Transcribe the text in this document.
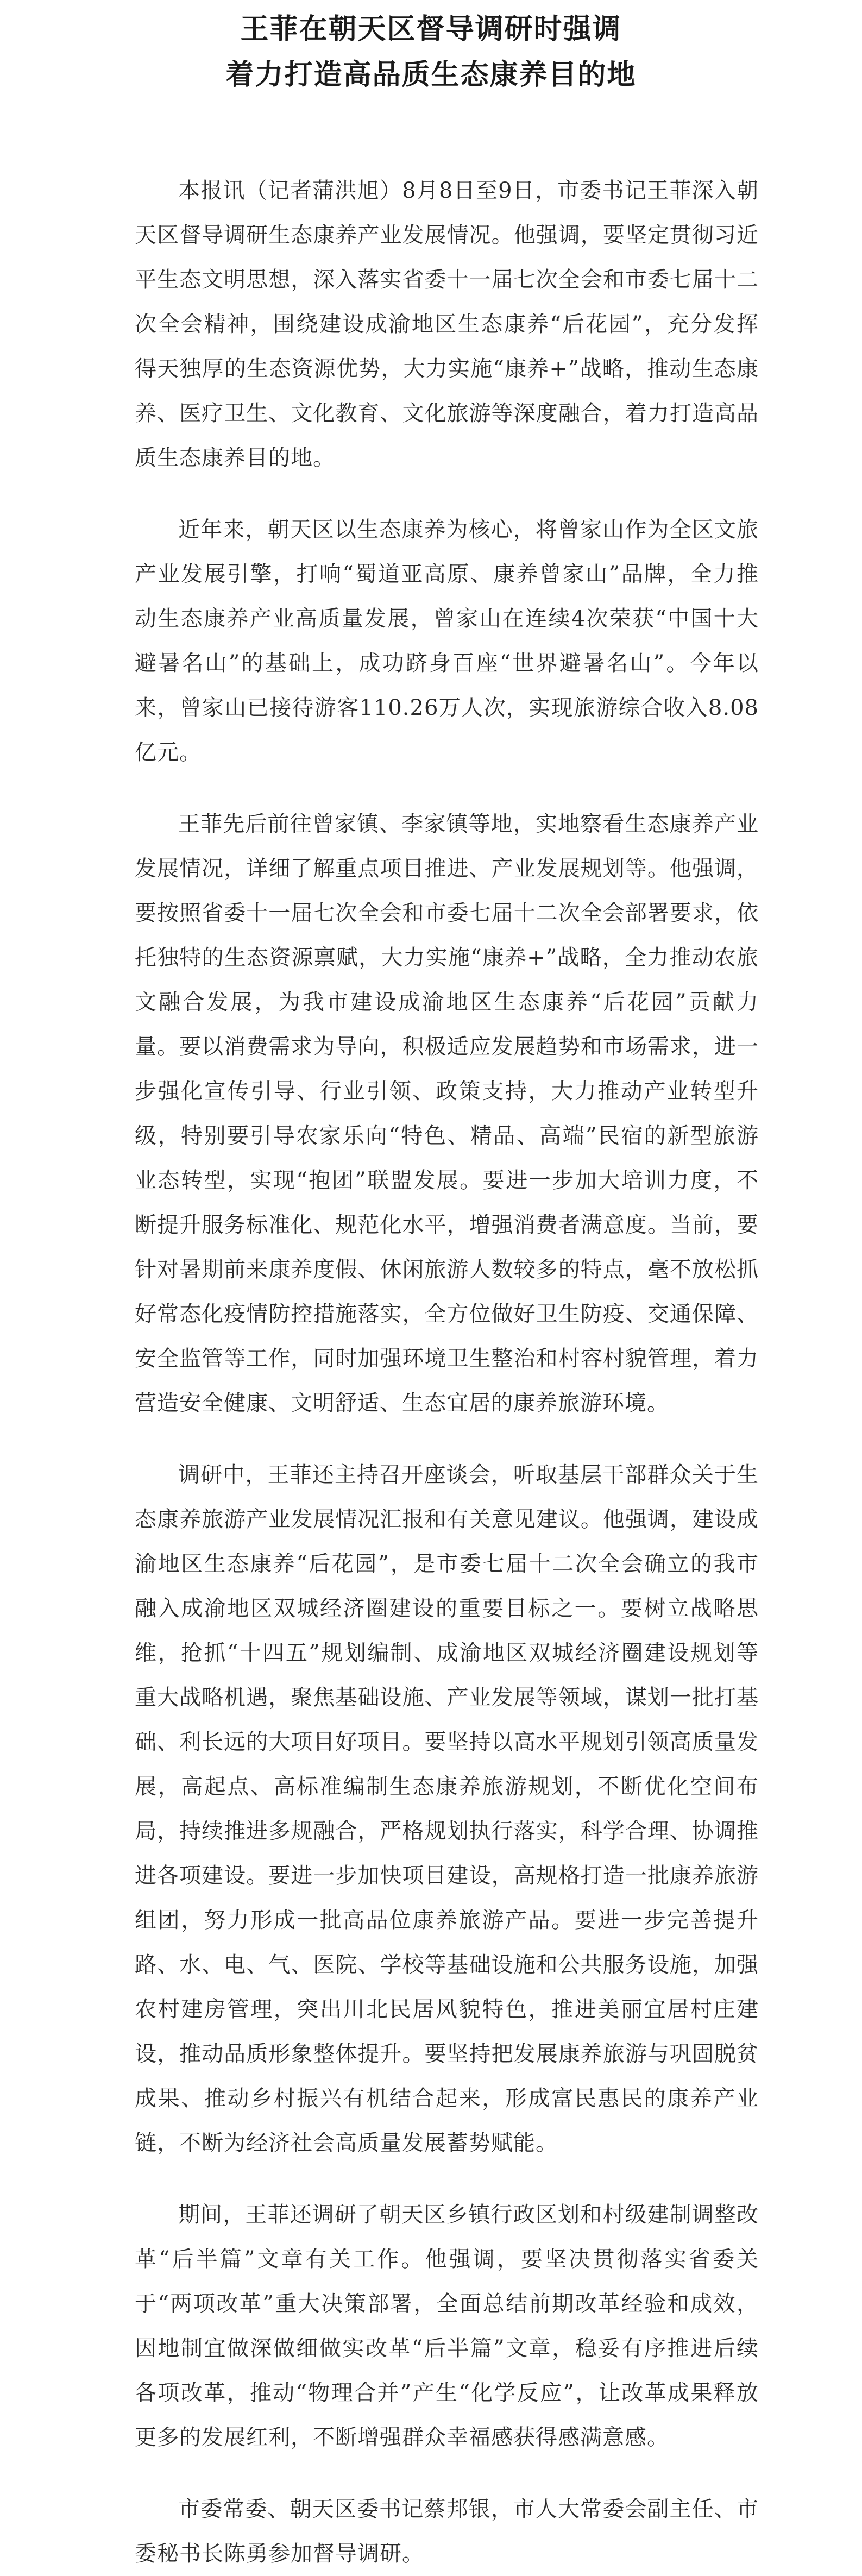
王菲在朝天区督导调研时强调
着力打造高品质生态康养目的地

本报讯（记者蒲洪旭）8月8日至9日，市委书记王菲深入朝天区督导调研生态康养产业发展情况。他强调，要坚定贯彻习近平生态文明思想，深入落实省委十一届七次全会和市委七届十二次全会精神，围绕建设成渝地区生态康养“后花园”，充分发挥得天独厚的生态资源优势，大力实施“康养+”战略，推动生态康养、医疗卫生、文化教育、文化旅游等深度融合，着力打造高品质生态康养目的地。

近年来，朝天区以生态康养为核心，将曾家山作为全区文旅产业发展引擎，打响“蜀道亚高原、康养曾家山”品牌，全力推动生态康养产业高质量发展，曾家山在连续4次荣获“中国十大避暑名山”的基础上，成功跻身百座“世界避暑名山”。今年以来，曾家山已接待游客110.26万人次，实现旅游综合收入8.08亿元。

王菲先后前往曾家镇、李家镇等地，实地察看生态康养产业发展情况，详细了解重点项目推进、产业发展规划等。他强调，要按照省委十一届七次全会和市委七届十二次全会部署要求，依托独特的生态资源禀赋，大力实施“康养+”战略，全力推动农旅文融合发展，为我市建设成渝地区生态康养“后花园”贡献力量。要以消费需求为导向，积极适应发展趋势和市场需求，进一步强化宣传引导、行业引领、政策支持，大力推动产业转型升级，特别要引导农家乐向“特色、精品、高端”民宿的新型旅游业态转型，实现“抱团”联盟发展。要进一步加大培训力度，不断提升服务标准化、规范化水平，增强消费者满意度。当前，要针对暑期前来康养度假、休闲旅游人数较多的特点，毫不放松抓好常态化疫情防控措施落实，全方位做好卫生防疫、交通保障、安全监管等工作，同时加强环境卫生整治和村容村貌管理，着力营造安全健康、文明舒适、生态宜居的康养旅游环境。

调研中，王菲还主持召开座谈会，听取基层干部群众关于生态康养旅游产业发展情况汇报和有关意见建议。他强调，建设成渝地区生态康养“后花园”，是市委七届十二次全会确立的我市融入成渝地区双城经济圈建设的重要目标之一。要树立战略思维，抢抓“十四五”规划编制、成渝地区双城经济圈建设规划等重大战略机遇，聚焦基础设施、产业发展等领域，谋划一批打基础、利长远的大项目好项目。要坚持以高水平规划引领高质量发展，高起点、高标准编制生态康养旅游规划，不断优化空间布局，持续推进多规融合，严格规划执行落实，科学合理、协调推进各项建设。要进一步加快项目建设，高规格打造一批康养旅游组团，努力形成一批高品位康养旅游产品。要进一步完善提升路、水、电、气、医院、学校等基础设施和公共服务设施，加强农村建房管理，突出川北民居风貌特色，推进美丽宜居村庄建设，推动品质形象整体提升。要坚持把发展康养旅游与巩固脱贫成果、推动乡村振兴有机结合起来，形成富民惠民的康养产业链，不断为经济社会高质量发展蓄势赋能。

期间，王菲还调研了朝天区乡镇行政区划和村级建制调整改革“后半篇”文章有关工作。他强调，要坚决贯彻落实省委关于“两项改革”重大决策部署，全面总结前期改革经验和成效，因地制宜做深做细做实改革“后半篇”文章，稳妥有序推进后续各项改革，推动“物理合并”产生“化学反应”，让改革成果释放更多的发展红利，不断增强群众幸福感获得感满意感。

市委常委、朝天区委书记蔡邦银，市人大常委会副主任、市委秘书长陈勇参加督导调研。
